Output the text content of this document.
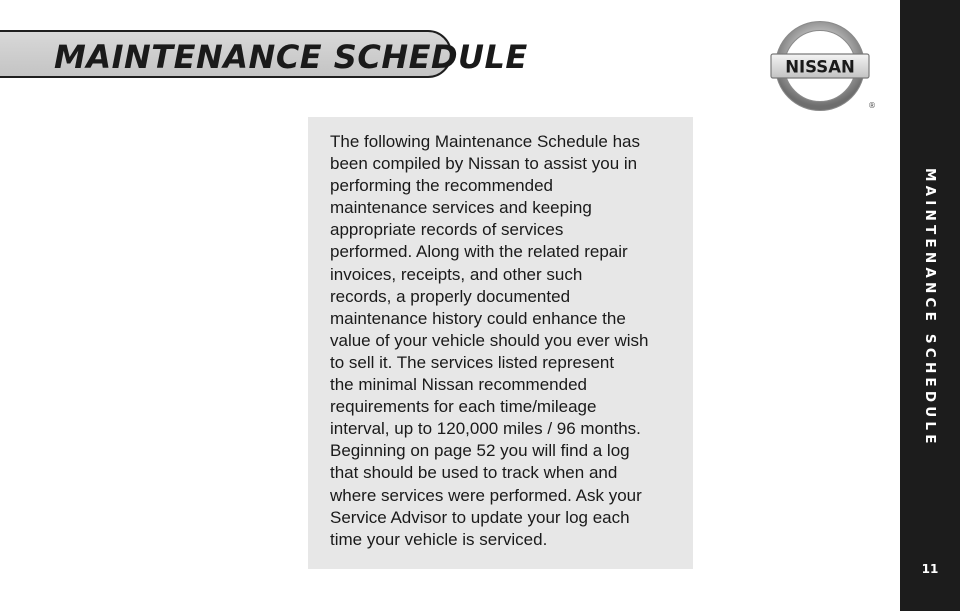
MAINTENANCE SCHEDULE	NISSAN
®

The following Maintenance Schedule has
been compiled by Nissan to assist you in
performing the recommended
maintenance services and keeping
appropriate records of services
performed. Along with the related repair
invoices, receipts, and other such
records, a properly documented
maintenance history could enhance the
value of your vehicle should you ever wish
to sell it. The services listed represent
the minimal Nissan recommended
requirements for each time/mileage
interval, up to 120,000 miles / 96 months.
Beginning on page 52 you will find a log
that should be used to track when and
where services were performed. Ask your
Service Advisor to update your log each
time your vehicle is serviced.

MAINTENANCE SCHEDULE
11
